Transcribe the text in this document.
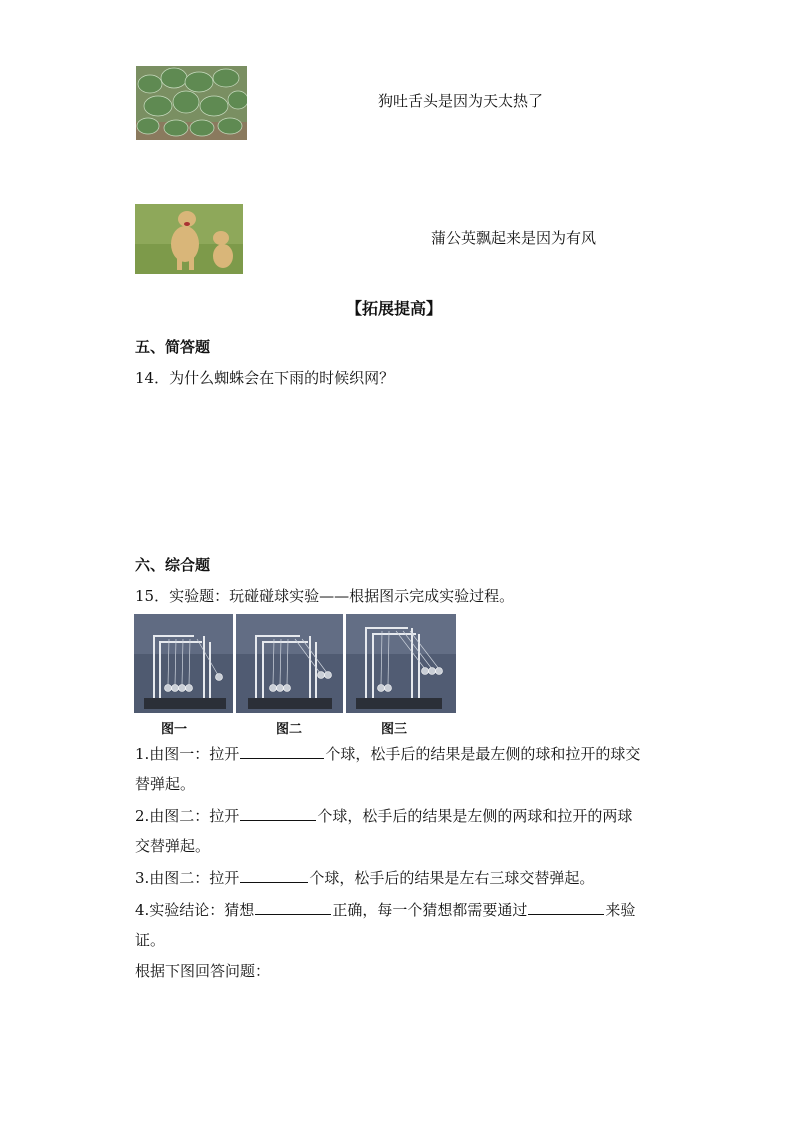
狗吐舌头是因为天太热了
蒲公英飘起来是因为有风
【拓展提高】
五、简答题
14．为什么蜘蛛会在下雨的时候织网？
六、综合题
15．实验题：玩碰碰球实验——根据图示完成实验过程。
图一	图二	图三
1.由图一：拉开	个球，松手后的结果是最左侧的球和拉开的球交
替弹起。
2.由图二：拉开	个球，松手后的结果是左侧的两球和拉开的两球
交替弹起。
3.由图二：拉开	个球，松手后的结果是左右三球交替弹起。
4.实验结论：猜想	正确，每一个猜想都需要通过	来验
证。
根据下图回答问题：
